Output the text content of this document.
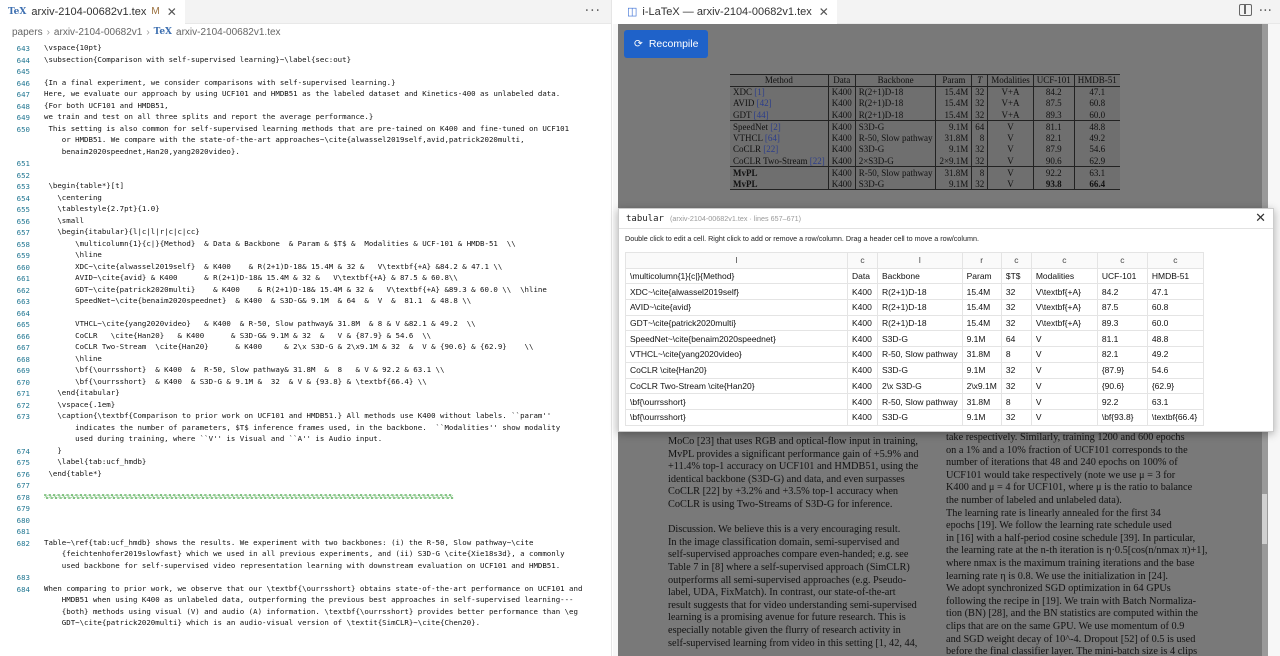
TeX arxiv-2104-00682v1.tex M ✕	···
papers › arxiv-2104-00682v1 › TeX arxiv-2104-00682v1.tex
643 \vspace{10pt}
644 \subsection{Comparison with self-supervised learning}~\label{sec:out}
645
646 {In a final experiment, we consider comparisons with self-supervised learning.}
647 Here, we evaluate our approach by using UCF101 and HMDB51 as the labeled dataset and Kinetics-400 as unlabeled data.
648 {For both UCF101 and HMDB51,
649 we train and test on all three splits and report the average performance.}
650 This setting is also common for self-supervised learning methods that are pre-tained on K400 and fine-tuned on UCF101
or HMDB51. We compare with the state-of-the-art approaches~\cite{alwassel2019self,avid,patrick2020multi,
benaim2020speednet,Han20,yang2020video}.
651
652
653 \begin{table*}[t]
654 \centering
655 \tablestyle{2.7pt}{1.0}
656 \small
657 \begin{itabular}{l|c|l|r|c|c|cc}
658 \multicolumn{1}{c|}{Method}  & Data & Backbone  & Param & $T$ &  Modalities & UCF-101 & HMDB-51  \\
659 \hline
660 XDC~\cite{alwassel2019self}  & K400    & R(2+1)D-18& 15.4M & 32 &   V\textbf{+A} &84.2 & 47.1 \\
661 AVID~\cite{avid} & K400      & R(2+1)D-18& 15.4M & 32 &   V\textbf{+A} & 87.5 & 60.8\\
662 GDT~\cite{patrick2020multi}    & K400    & R(2+1)D-18& 15.4M & 32 &   V\textbf{+A} &89.3 & 60.0 \\  \hline
663 SpeedNet~\cite{benaim2020speednet}  & K400  & S3D-G& 9.1M  & 64  &  V  &  81.1  & 48.8 \\
664
665 VTHCL~\cite{yang2020video}   & K400  & R-50, Slow pathway& 31.8M  & 8 & V &82.1 & 49.2  \\
666 CoCLR   \cite{Han20}   & K400      & S3D-G& 9.1M & 32  &   V & {87.9} & 54.6  \\
667 CoCLR Two-Stream  \cite{Han20}      & K400     & 2\x S3D-G & 2\x9.1M & 32  &  V & {90.6} & {62.9}    \\
668 \hline
669 \bf{\ourrsshort}  & K400  &  R-50, Slow pathway& 31.8M  &  8   & V & 92.2 & 63.1 \\
670 \bf{\ourrsshort}  & K400  & S3D-G & 9.1M &  32  & V & {93.8} & \textbf{66.4} \\
671 \end{itabular}
672 \vspace{.1em}
673 \caption{\textbf{Comparison to prior work on UCF101 and HMDB51.} All methods use K400 without labels. ``param''
indicates the number of parameters, $T$ inference frames used, in the backbone.  ``Modalities'' show modality
used during training, where ``V'' is Visual and ``A'' is Audio input.
674 }
675 \label{tab:ucf_hmdb}
676 \end{table*}
677
678 %%%%%%%%%%%%%%%%%%%%%%%%%%%%%%%%%%%%%%%%%%%%%%%%%%%%%%%%%%%%%%%%%%%%%%%%%%%%%%%%%%%%%%%%%%%%
679
680
681
682 Table~\ref{tab:ucf_hmdb} shows the results. We experiment with two backbones: (i) the R-50, Slow pathway~\cite
{feichtenhofer2019slowfast} which we used in all previous experiments, and (ii) S3D-G \cite{Xie18s3d}, a commonly
used backbone for self-supervised video representation learning with downstream evaluation on UCF101 and HMDB51.
683
684 When comparing to prior work, we observe that our \textbf{\ourrsshort} obtains state-of-the-art performance on UCF101 and
HMDB51 when using K400 as unlabeled data, outperforming the previous best approaches in self-supervised learning---
{both} methods using visual (V) and audio (A) information. \textbf{\ourrsshort} provides better performance than \eg
GDT~\cite{patrick2020multi} which is an audio-visual version of \textit{SimCLR}~\cite{Chen20}.
◫ i-LaTeX — arxiv-2104-00682v1.tex ✕	···
⟳ Recompile
Method	Data	Backbone	Param	T	Modalities	UCF-101	HMDB-51
XDC [1]	K400	R(2+1)D-18	15.4M	32	V+A	84.2	47.1
AVID [42]	K400	R(2+1)D-18	15.4M	32	V+A	87.5	60.8
GDT [44]	K400	R(2+1)D-18	15.4M	32	V+A	89.3	60.0
SpeedNet [2]	K400	S3D-G	9.1M	64	V	81.1	48.8
VTHCL [64]	K400	R-50, Slow pathway	31.8M	8	V	82.1	49.2
CoCLR [22]	K400	S3D-G	9.1M	32	V	87.9	54.6
CoCLR Two-Stream [22]	K400	2×S3D-G	2×9.1M	32	V	90.6	62.9
MvPL	K400	R-50, Slow pathway	31.8M	8	V	92.2	63.1
MvPL	K400	S3D-G	9.1M	32	V	93.8	66.4
MoCo [23] that uses RGB and optical-flow input in training,
MvPL provides a significant performance gain of +5.9% and
+11.4% top-1 accuracy on UCF101 and HMDB51, using the
identical backbone (S3D-G) and data, and even surpasses
CoCLR [22] by +3.2% and +3.5% top-1 accuracy when
CoCLR is using Two-Streams of S3D-G for inference.

Discussion. We believe this is a very encouraging result.
In the image classification domain, semi-supervised and
self-supervised approaches compare even-handed; e.g. see
Table 7 in [8] where a self-supervised approach (SimCLR)
outperforms all semi-supervised approaches (e.g. Pseudo-
label, UDA, FixMatch). In contrast, our state-of-the-art
result suggests that for video understanding semi-supervised
learning is a promising avenue for future research. This is
especially notable given the flurry of research activity in
self-supervised learning from video in this setting [1, 42, 44,
take respectively. Similarly, training 1200 and 600 epochs
on a 1% and a 10% fraction of UCF101 corresponds to the
number of iterations that 48 and 240 epochs on 100% of
UCF101 would take respectively (note we use μ = 3 for
K400 and μ = 4 for UCF101, where μ is the ratio to balance
the number of labeled and unlabeled data).
The learning rate is linearly annealed for the first 34
epochs [19]. We follow the learning rate schedule used
in [16] with a half-period cosine schedule [39]. In particular,
the learning rate at the n-th iteration is η·0.5[cos(n/nmax π)+1],
where nmax is the maximum training iterations and the base
learning rate η is 0.8. We use the initialization in [24].
We adopt synchronized SGD optimization in 64 GPUs
following the recipe in [19]. We train with Batch Normaliza-
tion (BN) [28], and the BN statistics are computed within the
clips that are on the same GPU. We use momentum of 0.9
and SGD weight decay of 10^-4. Dropout [52] of 0.5 is used
before the final classifier layer. The mini-batch size is 4 clips
tabular (arxiv-2104-00682v1.tex · lines 657–671)	✕
Double click to edit a cell. Right click to add or remove a row/column. Drag a header cell to move a row/column.
l	c	l	r	c	c	c	c
\multicolumn{1}{c|}{Method}	Data	Backbone	Param	$T$	Modalities	UCF-101	HMDB-51
XDC~\cite{alwassel2019self}	K400	R(2+1)D-18	15.4M	32	V\textbf{+A}	84.2	47.1
AVID~\cite{avid}	K400	R(2+1)D-18	15.4M	32	V\textbf{+A}	87.5	60.8
GDT~\cite{patrick2020multi}	K400	R(2+1)D-18	15.4M	32	V\textbf{+A}	89.3	60.0
SpeedNet~\cite{benaim2020speednet}	K400	S3D-G	9.1M	64	V	81.1	48.8
VTHCL~\cite{yang2020video}	K400	R-50, Slow pathway	31.8M	8	V	82.1	49.2
CoCLR \cite{Han20}	K400	S3D-G	9.1M	32	V	{87.9}	54.6
CoCLR Two-Stream \cite{Han20}	K400	2\x S3D-G	2\x9.1M	32	V	{90.6}	{62.9}
\bf{\ourrsshort}	K400	R-50, Slow pathway	31.8M	8	V	92.2	63.1
\bf{\ourrsshort}	K400	S3D-G	9.1M	32	V	\bf{93.8}	\textbf{66.4}
